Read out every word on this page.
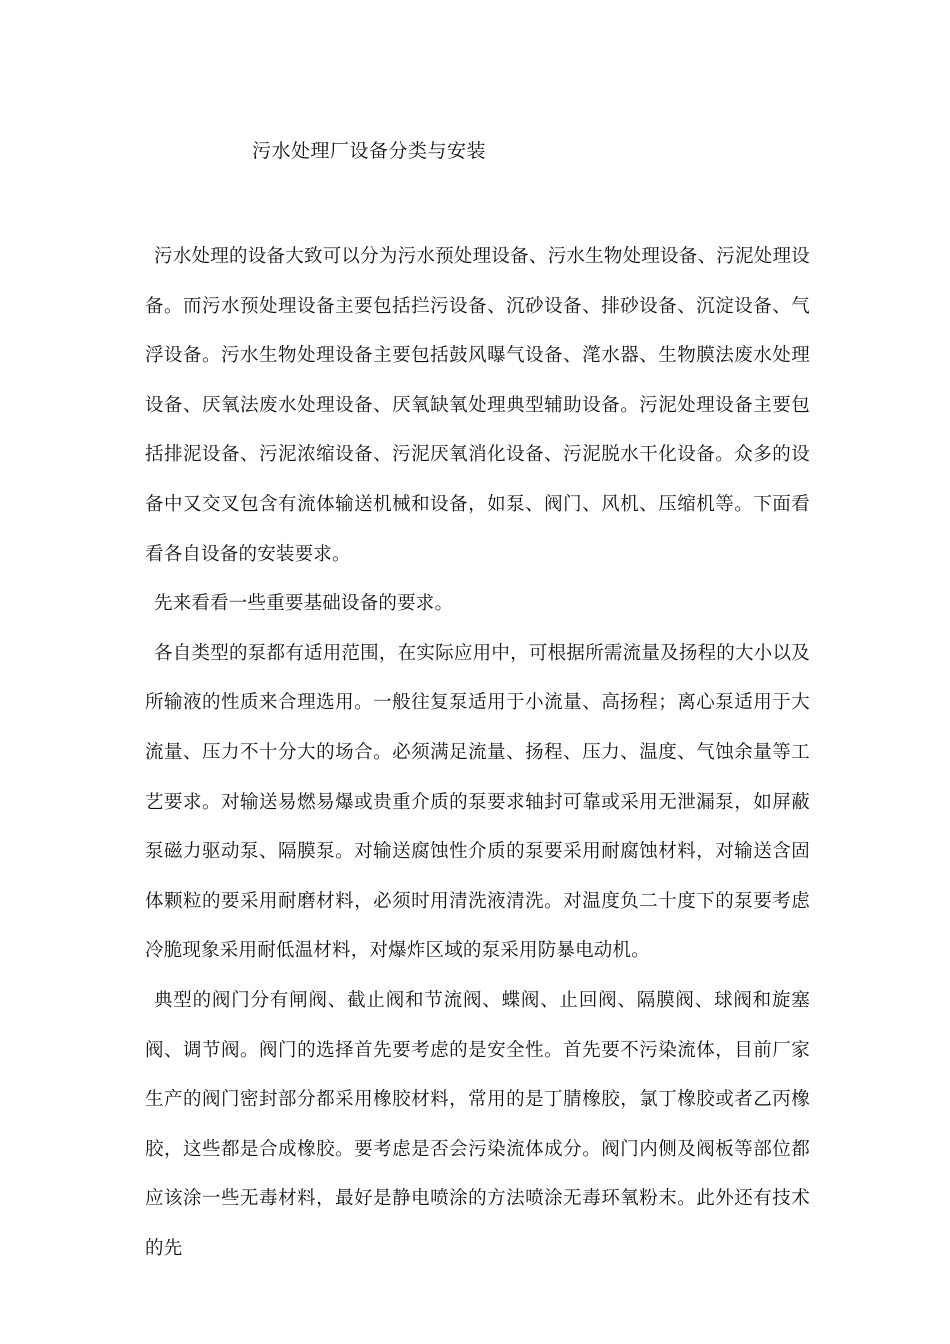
污水处理厂设备分类与安装

污水处理的设备大致可以分为污水预处理设备、污水生物处理设备、污泥处理设备。而污水预处理设备主要包括拦污设备、沉砂设备、排砂设备、沉淀设备、气浮设备。污水生物处理设备主要包括鼓风曝气设备、滗水器、生物膜法废水处理设备、厌氧法废水处理设备、厌氧缺氧处理典型辅助设备。污泥处理设备主要包括排泥设备、污泥浓缩设备、污泥厌氧消化设备、污泥脱水干化设备。众多的设备中又交叉包含有流体输送机械和设备，如泵、阀门、风机、压缩机等。下面看看各自设备的安装要求。

先来看看一些重要基础设备的要求。

各自类型的泵都有适用范围，在实际应用中，可根据所需流量及扬程的大小以及所输液的性质来合理选用。一般往复泵适用于小流量、高扬程；离心泵适用于大流量、压力不十分大的场合。必须满足流量、扬程、压力、温度、气蚀余量等工艺要求。对输送易燃易爆或贵重介质的泵要求轴封可靠或采用无泄漏泵，如屏蔽泵磁力驱动泵、隔膜泵。对输送腐蚀性介质的泵要采用耐腐蚀材料，对输送含固体颗粒的要采用耐磨材料，必须时用清洗液清洗。对温度负二十度下的泵要考虑冷脆现象采用耐低温材料，对爆炸区域的泵采用防暴电动机。

典型的阀门分有闸阀、截止阀和节流阀、蝶阀、止回阀、隔膜阀、球阀和旋塞阀、调节阀。阀门的选择首先要考虑的是安全性。首先要不污染流体，目前厂家生产的阀门密封部分都采用橡胶材料，常用的是丁腈橡胶，氯丁橡胶或者乙丙橡胶，这些都是合成橡胶。要考虑是否会污染流体成分。阀门内侧及阀板等部位都应该涂一些无毒材料，最好是静电喷涂的方法喷涂无毒环氧粉末。此外还有技术的先
